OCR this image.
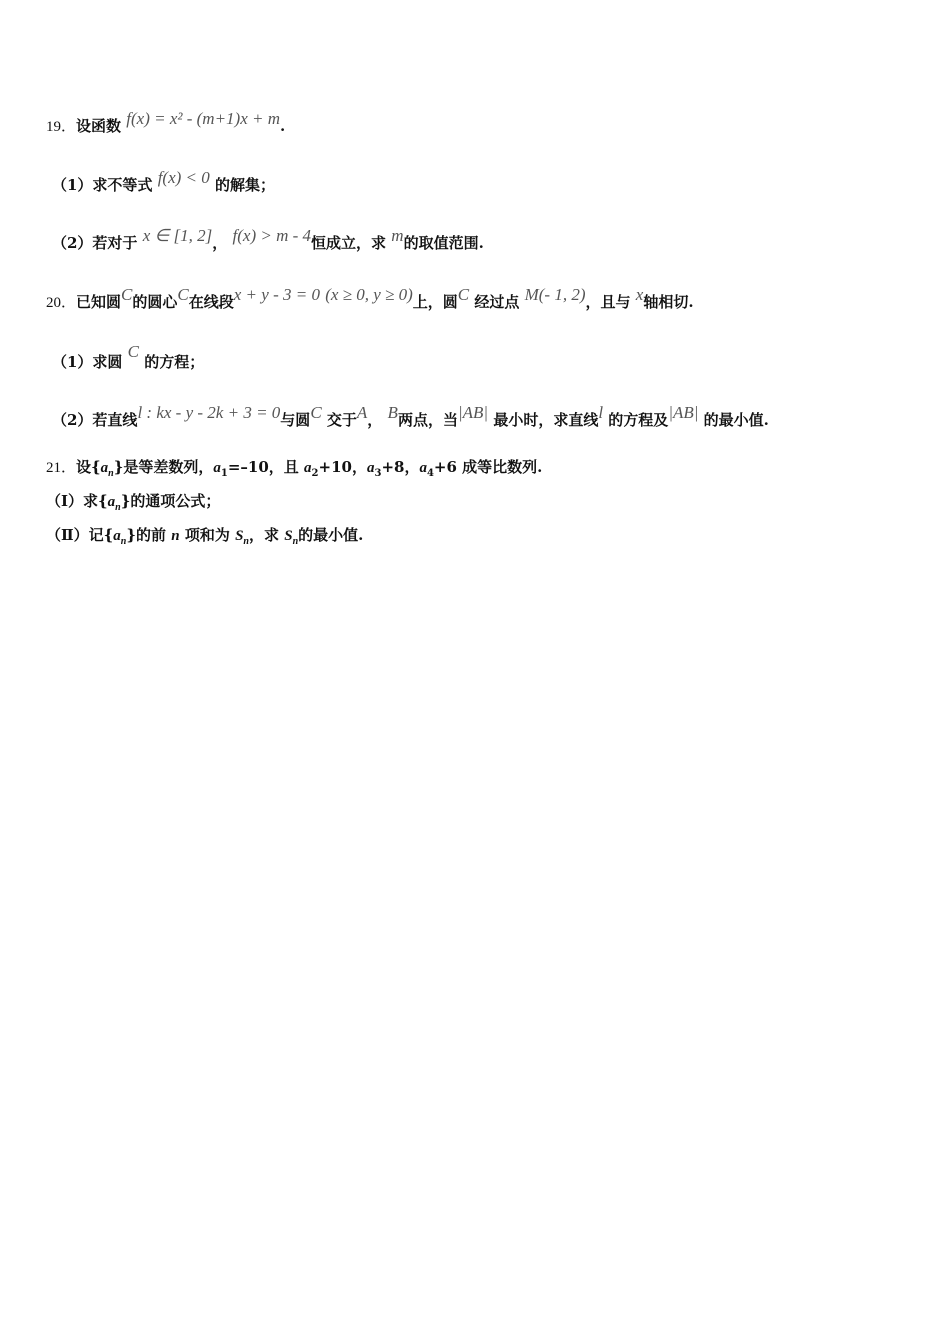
19．设函数 f(x) = x² - (m+1)x + m.
（1）求不等式 f(x) < 0 的解集；
（2）若对于 x ∈ [1, 2]， f(x) > m - 4恒成立，求 m的取值范围.
20．已知圆C的圆心C在线段x + y - 3 = 0 (x ≥ 0, y ≥ 0)上，圆C 经过点 M(- 1, 2)，且与 x轴相切.
（1）求圆 C 的方程；
（2）若直线l : kx - y - 2k + 3 = 0与圆C 交于A， B两点，当|AB| 最小时，求直线l 的方程及|AB| 的最小值.
21．设$\{a_n\}$是等差数列，$a_1=-10$，且 $a_2+10$，$a_3+8$，$a_4+6$ 成等比数列.
（Ⅰ）求$\{a_n\}$的通项公式；
（Ⅱ）记$\{a_n\}$的前 n 项和为 $S_n$，求 $S_n$的最小值.
